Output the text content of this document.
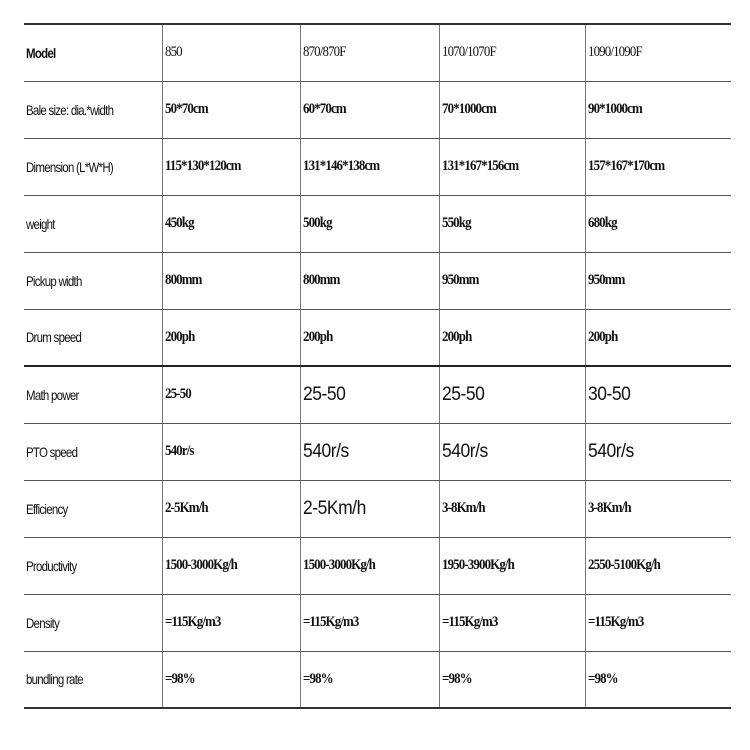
Model	850	870/870F	1070/1070F	1090/1090F
Bale size: dia.*width	50*70cm	60*70cm	70*1000cm	90*1000cm
Dimension (L*W*H)	115*130*120cm	131*146*138cm	131*167*156cm	157*167*170cm
weight	450kg	500kg	550kg	680kg
Pickup width	800mm	800mm	950mm	950mm
Drum speed	200ph	200ph	200ph	200ph
Math power	25-50	25-50	25-50	30-50
PTO speed	540r/s	540r/s	540r/s	540r/s
Efficiency	2-5Km/h	2-5Km/h	3-8Km/h	3-8Km/h
Productivity	1500-3000Kg/h	1500-3000Kg/h	1950-3900Kg/h	2550-5100Kg/h
Density	=115Kg/m3	=115Kg/m3	=115Kg/m3	=115Kg/m3
bundling rate	=98%	=98%	=98%	=98%
